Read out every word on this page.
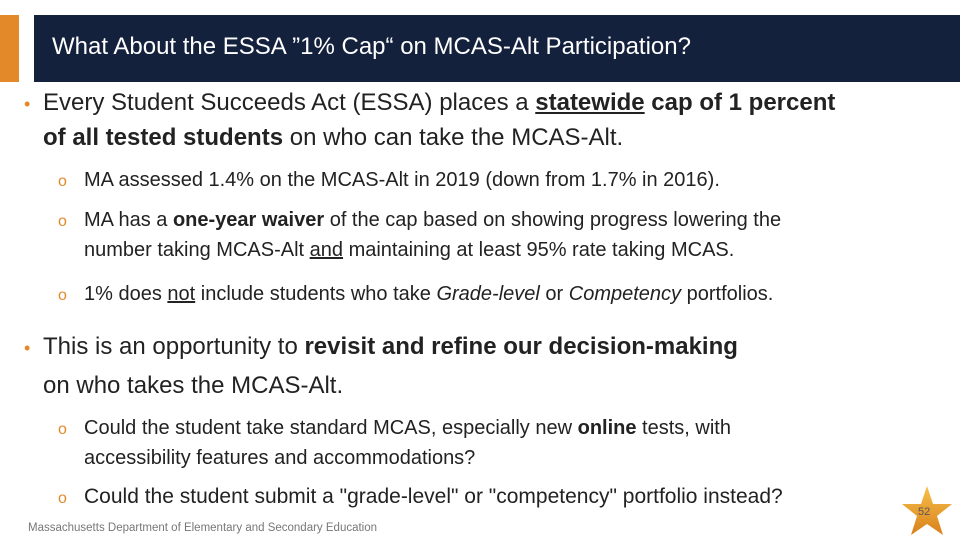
What About the ESSA ”1% Cap“ on MCAS-Alt Participation?
• Every Student Succeeds Act (ESSA) places a statewide cap of 1 percent
of all tested students on who can take the MCAS-Alt.
o MA assessed 1.4% on the MCAS-Alt in 2019 (down from 1.7% in 2016).
o MA has a one-year waiver of the cap based on showing progress lowering the
number taking MCAS-Alt and maintaining at least 95% rate taking MCAS.
o 1% does not include students who take Grade-level or Competency portfolios.
• This is an opportunity to revisit and refine our decision-making
on who takes the MCAS-Alt.
o Could the student take standard MCAS, especially new online tests, with
accessibility features and accommodations?
o Could the student submit a "grade-level" or "competency" portfolio instead?
Massachusetts Department of Elementary and Secondary Education
52
